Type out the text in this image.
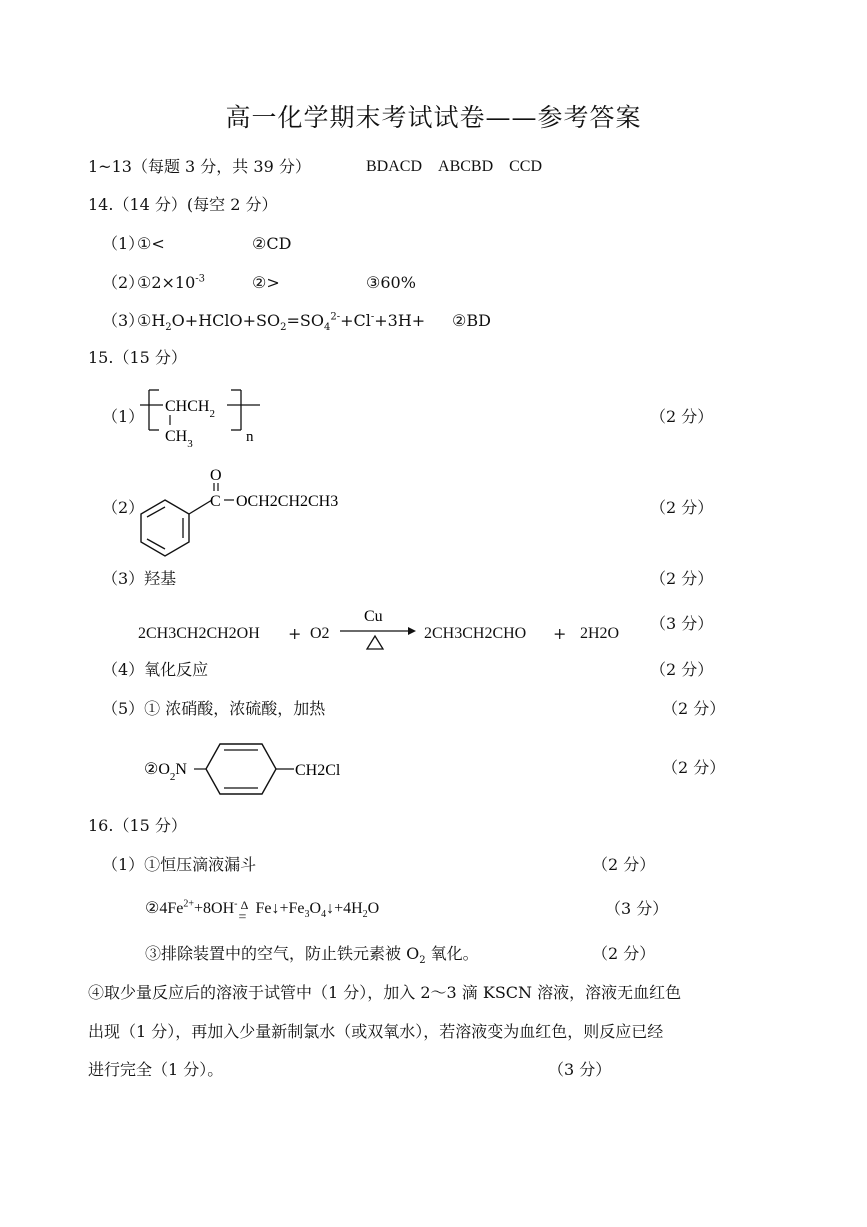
高一化学期末考试试卷——参考答案
1~13（每题 3 分，共 39 分）	BDACD　ABCBD　CCD
14.（14 分）(每空 2 分）
（1）
①<	②CD
（2）
$①2\times 10^{-3}$	②>	③60%
（3）
$①H_2O+HClO+SO_2=SO_4^{2-}+Cl^-+3H+$ ②BD
15.（15 分）
（1）
$CHCH_2$
$CH_3$	n
（2 分）
（2）	C
O
OCH2CH2CH3	（2 分）
（3）羟基	（2 分）
2CH3CH2CH2OH + O2
Cu
2CH3CH2CHO + 2H2O
（3 分）
（4）氧化反应	（2 分）
（5）① 浓硝酸，浓硫酸，加热	（2 分）
$②O_2N$	CH2Cl	（2 分）
16.（15 分）
（1）①恒压滴液漏斗	（2 分）
$②4Fe^{2+}+8OH^-$ Δ
=
$Fe↓+Fe_3O_4↓+4H_2O$	（3 分）
③排除装置中的空气，防止铁元素被 $O_2$ 氧化。	（2 分）
④取少量反应后的溶液于试管中（1 分），加入 2～3 滴 KSCN 溶液，溶液无血红色
出现（1 分），再加入少量新制氯水（或双氧水），若溶液变为血红色，则反应已经
进行完全（1 分）。	（3 分）
